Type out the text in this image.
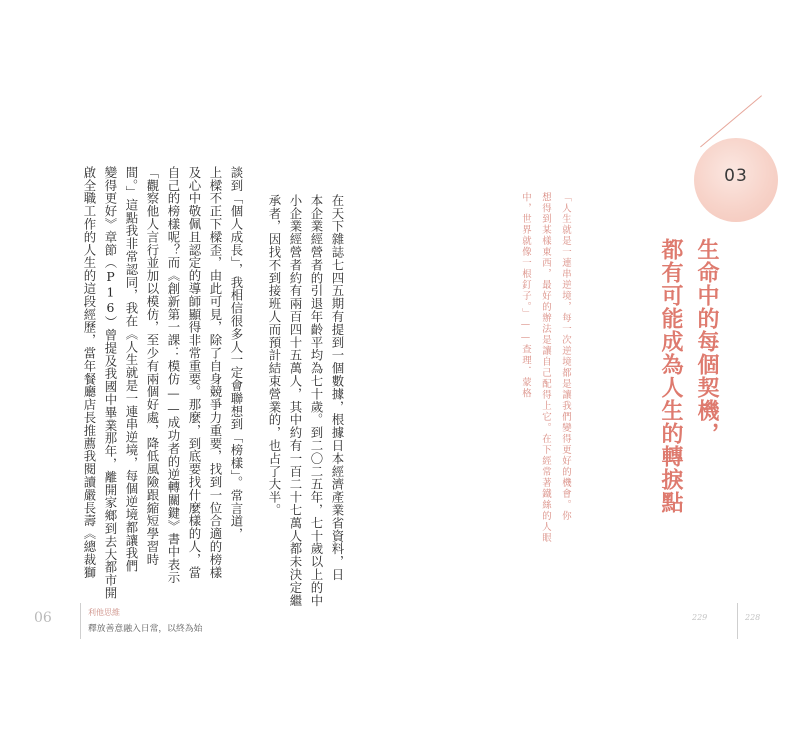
在天下雜誌七四五期有提到一個數據，根據日本經濟產業省資料，日
本企業經營者的引退年齡平均為七十歲。到二〇二五年，七十歲以上的中
小企業經營者約有兩百四十五萬人，其中約有一百二十七萬人都未決定繼
承者，因找不到接班人而預計結束營業的，也占了大半。
談到「個人成長」，我相信很多人一定會聯想到「榜樣」。常言道，
上樑不正下樑歪，由此可見，除了自身競爭力重要，找到一位合適的榜樣
及心中敬佩且認定的導師顯得非常重要。那麼，到底要找什麼樣的人，當
自己的榜樣呢？而《創新第一課：模仿——成功者的逆轉關鍵》書中表示
「觀察他人言行並加以模仿，至少有兩個好處，降低風險跟縮短學習時
間。」這點我非常認同，我在《人生就是一連串逆境，每個逆境都讓我們
變得更好》章節（P16）曾提及我國中畢業那年，離開家鄉到去大都市開
啟全職工作的人生的這段經歷，當年餐廳店長推薦我閱讀嚴長壽《總裁獅	「人生就是一連串逆境，每一次逆境都是讓我們變得更好的機會。你
想得到某樣東西，最好的辦法是讓自己配得上它。在下經常著鐵絲的人眼
中，世界就像一根釘子。」——查理．蒙格	生命中的每個契機，
都有可能成為人生的轉捩點
03
06	利他思維
釋放善意融入日常，以終為始
229	228
